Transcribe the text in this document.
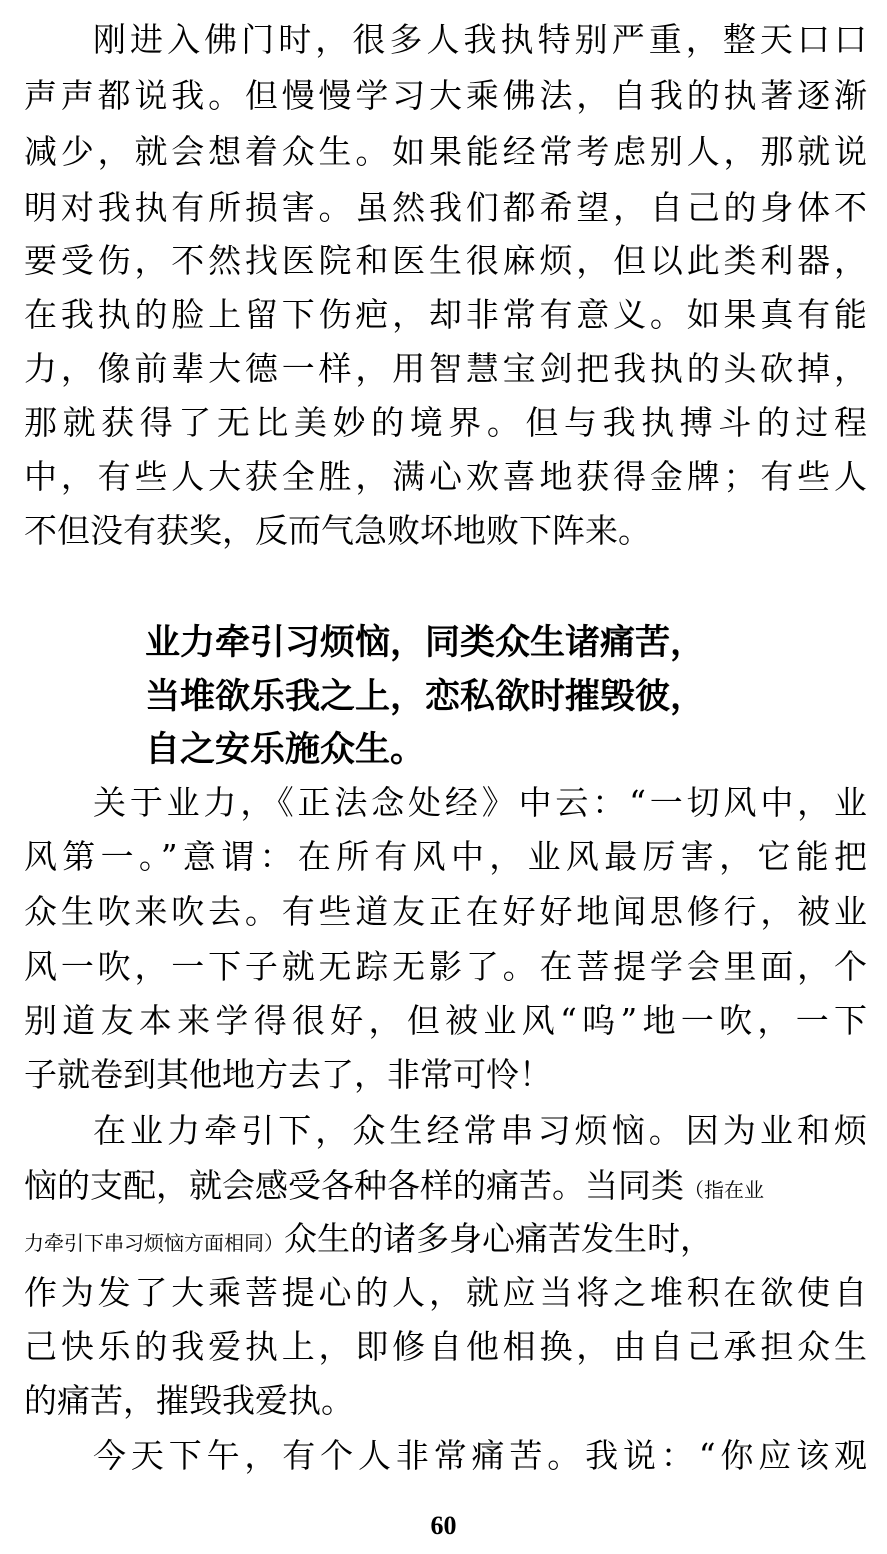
刚进入佛门时，很多人我执特别严重，整天口口
声声都说我。但慢慢学习大乘佛法，自我的执著逐渐
减少，就会想着众生。如果能经常考虑别人，那就说
明对我执有所损害。虽然我们都希望，自己的身体不
要受伤，不然找医院和医生很麻烦，但以此类利器，
在我执的脸上留下伤疤，却非常有意义。如果真有能
力，像前辈大德一样，用智慧宝剑把我执的头砍掉，
那就获得了无比美妙的境界。但与我执搏斗的过程
中，有些人大获全胜，满心欢喜地获得金牌；有些人
不但没有获奖，反而气急败坏地败下阵来。
业力牵引习烦恼，同类众生诸痛苦，
当堆欲乐我之上，恋私欲时摧毁彼，
自之安乐施众生。
关于业力，《正法念处经》中云：“一切风中，业
风第一。”意谓：在所有风中，业风最厉害，它能把
众生吹来吹去。有些道友正在好好地闻思修行，被业
风一吹，一下子就无踪无影了。在菩提学会里面，个
别道友本来学得很好，但被业风“呜”地一吹，一下
子就卷到其他地方去了，非常可怜！
在业力牵引下，众生经常串习烦恼。因为业和烦
恼的支配，就会感受各种各样的痛苦。当同类（指在业
力牵引下串习烦恼方面相同）众生的诸多身心痛苦发生时，
作为发了大乘菩提心的人，就应当将之堆积在欲使自
己快乐的我爱执上，即修自他相换，由自己承担众生
的痛苦，摧毁我爱执。
今天下午，有个人非常痛苦。我说：“你应该观
60
